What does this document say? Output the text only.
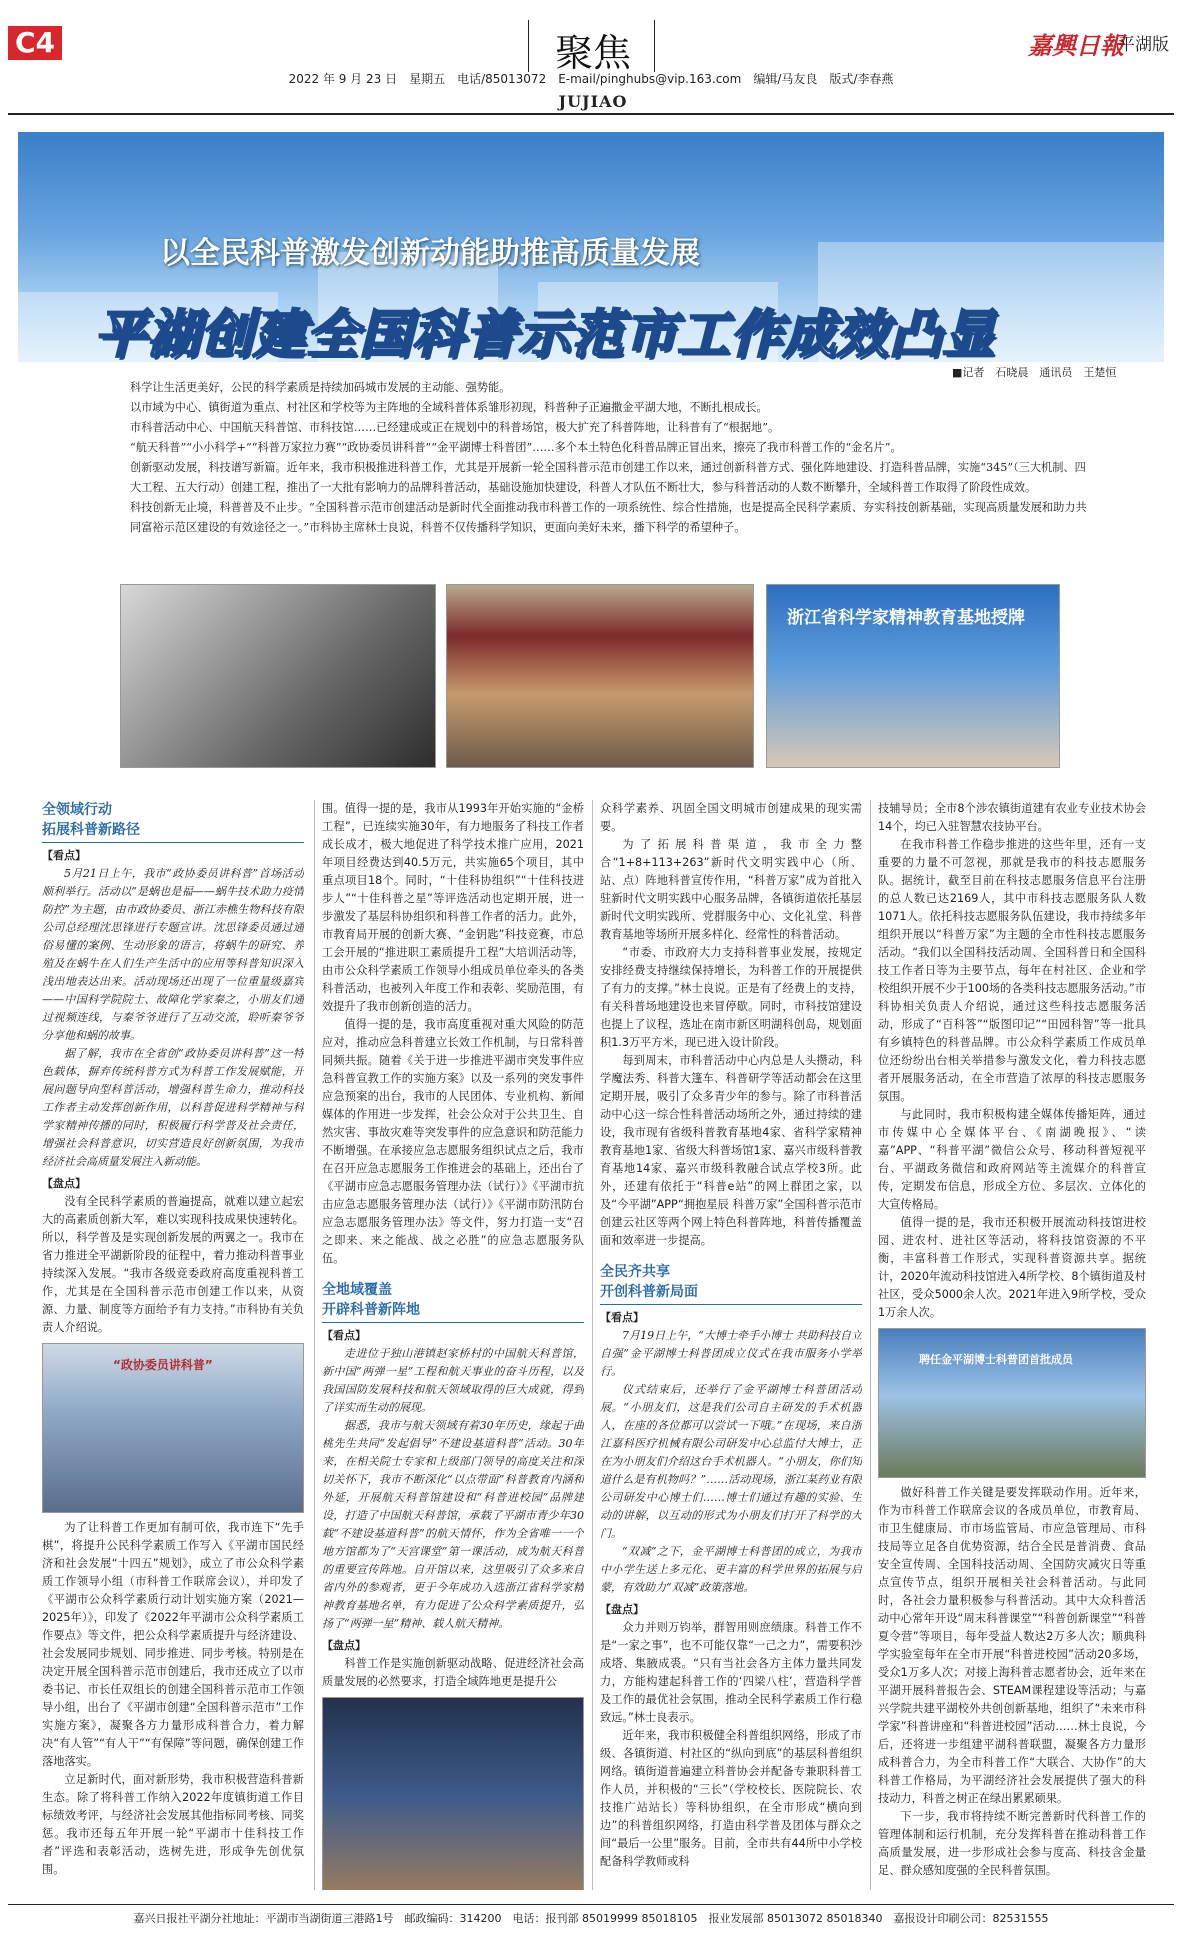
C4	聚焦	嘉興日報
平湖版
2022 年 9 月 23 日　星期五　电话/85013072　E-mail/pinghubs@vip.163.com　编辑/马友良　版式/李春燕
JUJIAO
以全民科普激发创新动能助推高质量发展
平湖创建全国科普示范市工作成效凸显
■记者　石晓晨　通讯员　王楚恒

科学让生活更美好，公民的科学素质是持续加码城市发展的主动能、强势能。

以市域为中心、镇街道为重点、村社区和学校等为主阵地的全域科普体系雏形初现，科普种子正遍撒金平湖大地，不断扎根成长。

市科普活动中心、中国航天科普馆、市科技馆……已经建成或正在规划中的科普场馆，极大扩充了科普阵地，让科普有了“根据地”。

“航天科普”“小小科学+”“科普万家拉力赛”“政协委员讲科普”“金平湖博士科普团”……多个本土特色化科普品牌正冒出来，擦亮了我市科普工作的“金名片”。

创新驱动发展，科技谱写新篇。近年来，我市积极推进科普工作，尤其是开展新一轮全国科普示范市创建工作以来，通过创新科普方式、强化阵地建设、打造科普品牌，实施“345”（三大机制、四大工程、五大行动）创建工程，推出了一大批有影响力的品牌科普活动，基础设施加快建设，科普人才队伍不断壮大，参与科普活动的人数不断攀升，全域科普工作取得了阶段性成效。

科技创新无止境，科普普及不止步。“全国科普示范市创建活动是新时代全面推动我市科普工作的一项系统性、综合性措施，也是提高全民科学素质、夯实科技创新基础，实现高质量发展和助力共同富裕示范区建设的有效途径之一。”市科协主席林士良说，科普不仅传播科学知识，更面向美好未来，播下科学的希望种子。

浙江省科学家精神教育基地授牌
全领域行动
拓展科普新路径
【看点】

5月21日上午，我市“政协委员讲科普”首场活动顺利举行。活动以“是蜗也是福——蜗牛技术助力疫情防控”为主题，由市政协委员、浙江赤樵生物科技有限公司总经理沈思锋进行专题宣讲。沈思锋委员通过通俗易懂的案例、生动形象的语言，将蜗牛的研究、养殖及在蜗牛在人们生产生活中的应用等科普知识深入浅出地表达出来。活动现场还出现了一位重量级嘉宾——中国科学院院士、故障化学家秦之，小朋友们通过视频连线，与秦爷爷进行了互动交流，聆听秦爷爷分享他和蜗的故事。

据了解，我市在全省创“政协委员讲科普”这一特色载体，摒弃传统科普方式为科普工作发展赋能，开展问题导向型科普活动，增强科普生命力，推动科技工作者主动发挥创新作用，以科普促进科学精神与科学家精神传播的同时，积极履行科学普及社会责任，增强社会科普意识，切实营造良好创新氛围，为我市经济社会高质量发展注入新动能。

【盘点】

没有全民科学素质的普遍提高，就难以建立起宏大的高素质创新大军，难以实现科技成果快速转化。所以，科学普及是实现创新发展的两翼之一。我市在省力推进全平湖新阶段的征程中，着力推动科普事业持续深入发展。“我市各级竞委政府高度重视科普工作，尤其是在全国科普示范市创建工作以来，从资源、力量、制度等方面给予有力支持。”市科协有关负责人介绍说。

“政协委员讲科普”

为了让科普工作更加有制可依，我市连下“先手棋”，将提升公民科学素质工作写入《平湖市国民经济和社会发展“十四五”规划》，成立了市公众科学素质工作领导小组（市科普工作联席会议），并印发了《平湖市公众科学素质行动计划实施方案（2021—2025年）》，印发了《2022年平湖市公众科学素质工作要点》等文件，把公众科学素质提升与经济建设、社会发展同步规划、同步推进、同步考核。特别是在决定开展全国科普示范市创建后，我市还成立了以市委书记、市长任双组长的创建全国科普示范市工作领导小组，出台了《平湖市创建“全国科普示范市”工作实施方案》，凝聚各方力量形成科普合力，着力解决“有人管”“有人干”“有保障”等问题，确保创建工作落地落实。

立足新时代，面对新形势，我市积极营造科普新生态。除了将科普工作纳入2022年度镇街道工作目标绩效考评，与经济社会发展其他指标同考核、同奖惩。我市还每五年开展一轮“平湖市十佳科技工作者”评选和表彰活动，选树先进，形成争先创优氛围。

围。值得一提的是，我市从1993年开始实施的“金桥工程”，已连续实施30年，有力地服务了科技工作者成长成才，极大地促进了科学技术推广应用，2021年项目经费达到40.5万元，共实施65个项目，其中重点项目18个。同时，“十佳科协组织”“十佳科技进步人”“十佳科普之星”等评选活动也定期开展，进一步激发了基层科协组织和科普工作者的活力。此外，市教育局开展的创新大赛、“金钥匙”科技竞赛，市总工会开展的“推进职工素质提升工程”大培训活动等，由市公众科学素质工作领导小组成员单位牵头的各类科普活动，也被列入年度工作和表彰、奖励范围，有效提升了我市创新创造的活力。

值得一提的是，我市高度重视对重大风险的防范应对，推动应急科普建立长效工作机制，与日常科普同频共振。随着《关于进一步推进平湖市突发事件应急科普宣教工作的实施方案》以及一系列的突发事件应急预案的出台，我市的人民团体、专业机构、新闻媒体的作用进一步发挥，社会公众对于公共卫生、自然灾害、事故灾难等突发事件的应急意识和防范能力不断增强。在承接应急志愿服务组织试点之后，我市在召开应急志愿服务工作推进会的基础上，还出台了《平湖市应急志愿服务管理办法（试行）》《平湖市抗击应急志愿服务管理办法（试行）》《平湖市防汛防台应急志愿服务管理办法》等文件，努力打造一支“召之即来、来之能战、战之必胜”的应急志愿服务队伍。

全地域覆盖
开辟科普新阵地
【看点】

走进位于独山港镇赵家桥村的中国航天科普馆，新中国“两弹一星”工程和航天事业的奋斗历程，以及我国国防发展科技和航天领域取得的巨大成就，得到了详实而生动的展现。

据悉，我市与航天领域有着30年历史，缘起于曲桃先生共同“发起倡导”不建设基道科普”活动。30年来，在相关院士专家和上级部门领导的高度关注和深切关怀下，我市不断深化“以点带面”科普教育内涵和外延，开展航天科普馆建设和“科普进校园”品牌建设，打造了中国航天科普馆，承载了平湖市青少年30载“不建设基道科普”的航天情怀，作为全省唯一一个地方馆都为了“天宫课堂”第一课活动，成为航天科普的重要宣传阵地。自开馆以来，这里吸引了众多来自省内外的参观者，更于今年成功入选浙江省科学家精神教育基地名单，有力促进了公众科学素质提升，弘扬了“两弹一星”精神、载人航天精神。

【盘点】

科普工作是实施创新驱动战略、促进经济社会高质量发展的必然要求，打造全域阵地更是提升公

众科学素养、巩固全国文明城市创建成果的现实需要。

为了拓展科普渠道，我市全力整合“1+8+113+263”新时代文明实践中心（所、站、点）阵地科普宣传作用，“科普万家”成为首批入驻新时代文明实践中心服务品牌，各镇街道依托基层新时代文明实践所、党群服务中心、文化礼堂、科普教育基地等场所开展多样化、经常性的科普活动。

“市委、市政府大力支持科普事业发展，按规定安排经费支持继续保持增长，为科普工作的开展提供了有力的支撑。”林士良说。正是有了经费上的支持，有关科普场地建设也来冒停歇。同时，市科技馆建设也提上了议程，选址在南市新区明湖科创岛，规划面积1.3万平方米，现已进入设计阶段。

每到周末，市科普活动中心内总是人头攒动，科学魔法秀、科普大篷车、科普研学等活动都会在这里定期开展，吸引了众多青少年的参与。除了市科普活动中心这一综合性科普活动场所之外，通过持续的建设，我市现有省级科普教育基地4家、省科学家精神教育基地1家、省级大科普场馆1家、嘉兴市级科普教育基地14家、嘉兴市级科教融合试点学校3所。此外，还建有依托于“科普e站”的网上群团之家，以及“今平湖”APP“拥抱星辰 科普万家”全国科普示范市创建云社区等两个网上特色科普阵地，科普传播覆盖面和效率进一步提高。

全民齐共享
开创科普新局面
【看点】

7月19日上午，“大博士牵手小博士 共助科技自立自强”金平湖博士科普团成立仪式在我市服务小学举行。

仪式结束后，还举行了金平湖博士科普团活动展。“小朋友们，这是我们公司自主研发的手术机器人，在座的各位都可以尝试一下哦。”在现场，来自浙江嘉科医疗机械有限公司研发中心总监付大博士，正在为小朋友们介绍这台手术机器人。“小朋友，你们知道什么是有机物吗？”……活动现场，浙江某药业有限公司研发中心博士们……博士们通过有趣的实验、生动的讲解，以互动的形式为小朋友们打开了科学的大门。

“双减”之下，金平湖博士科普团的成立，为我市中小学生送上多元化、更丰富的科学世界的拓展与启蒙，有效助力“双减”政策落地。

【盘点】

众力并则万钧举，群智用则庶绩康。科普工作不是“一家之事”，也不可能仅靠“一己之力”，需要积沙成塔、集腋成裘。“只有当社会各方主体力量共同发力，方能构建起科普工作的‘四梁八柱’，营造科学普及工作的最优社会氛围，推动全民科学素质工作行稳致远。”林士良表示。

近年来，我市积极健全科普组织网络，形成了市级、各镇街道、村社区的“纵向到底”的基层科普组织网络。镇街道普遍建立科普协会并配备专兼职科普工作人员，并积极的“三长”（学校校长、医院院长、农技推广站站长）等科协组织，在全市形成“横向到边”的科普组织网络，打造由科学普及团体与群众之间“最后一公里”服务。目前，全市共有44所中小学校配备科学教师或科

技辅导员；全市8个涉农镇街道建有农业专业技术协会14个，均已入驻智慧农技协平台。

在我市科普工作稳步推进的这些年里，还有一支重要的力量不可忽视，那就是我市的科技志愿服务队。据统计，截至目前在科技志愿服务信息平台注册的总人数已达2169人，其中市科技志愿服务队人数1071人。依托科技志愿服务队伍建设，我市持续多年组织开展以“科普万家”为主题的全市性科技志愿服务活动。“我们以全国科技活动周、全国科普日和全国科技工作者日等为主要节点，每年在村社区、企业和学校组织开展不少于100场的各类科技志愿服务活动。”市科协相关负责人介绍说，通过这些科技志愿服务活动，形成了“百科答”“版图印记”“田园科智”等一批具有乡镇特色的科普品牌。市公众科学素质工作成员单位还纷纷出台相关举措参与激发文化，着力科技志愿者开展服务活动，在全市营造了浓厚的科技志愿服务氛围。

与此同时，我市积极构建全媒体传播矩阵，通过市传媒中心全媒体平台、《南湖晚报》、“读嘉”APP、“科普平湖”微信公众号、移动科普短视平台、平湖政务微信和政府网站等主流媒介的科普宣传，定期发布信息，形成全方位、多层次、立体化的大宣传格局。

值得一提的是，我市还积极开展流动科技馆进校园、进农村、进社区等活动，将科技馆资源的不平衡，丰富科普工作形式，实现科普资源共享。据统计，2020年流动科技馆进入4所学校、8个镇街道及村社区，受众5000余人次。2021年进入9所学校，受众1万余人次。

聘任金平湖博士科普团首批成员

做好科普工作关键是要发挥联动作用。近年来，作为市科普工作联席会议的各成员单位，市教育局、市卫生健康局、市市场监管局、市应急管理局、市科技局等立足各自优势资源，结合全民是普消费、食品安全宣传周、全国科技活动周、全国防灾减灾日等重点宣传节点，组织开展相关社会科普活动。与此同时，各社会力量积极参与科普活动。其中大众科普活动中心常年开设“周末科普课堂”“科普创新课堂”“科普夏令营”等项目，每年受益人数达2万多人次；顺典科学实验室每年在全市开展“科普进校园”活动20多场，受众1万多人次；对接上海科普志愿者协会，近年来在平湖开展科普报告会、STEAM课程建设等活动；与嘉兴学院共建平湖校外共创创新基地，组织了“未来市科学家”科普讲座和“科普进校园”活动……林士良说，今后，还将进一步组建平湖科普联盟，凝聚各方力量形成科普合力，为全市科普工作“大联合、大协作”的大科普工作格局，为平湖经济社会发展提供了强大的科技动力，科普之树正在绿出累累硕果。

下一步，我市将持续不断完善新时代科普工作的管理体制和运行机制，充分发挥科普在推动科普工作高质量发展，进一步形成社会参与度高、科技含金量足、群众感知度强的全民科普氛围。

嘉兴日报社平湖分社地址：平湖市当湖街道三港路1号　邮政编码：314200　电话：报刊部 85019999 85018105　报业发展部 85013072 85018340　嘉报设计印刷公司：82531555
